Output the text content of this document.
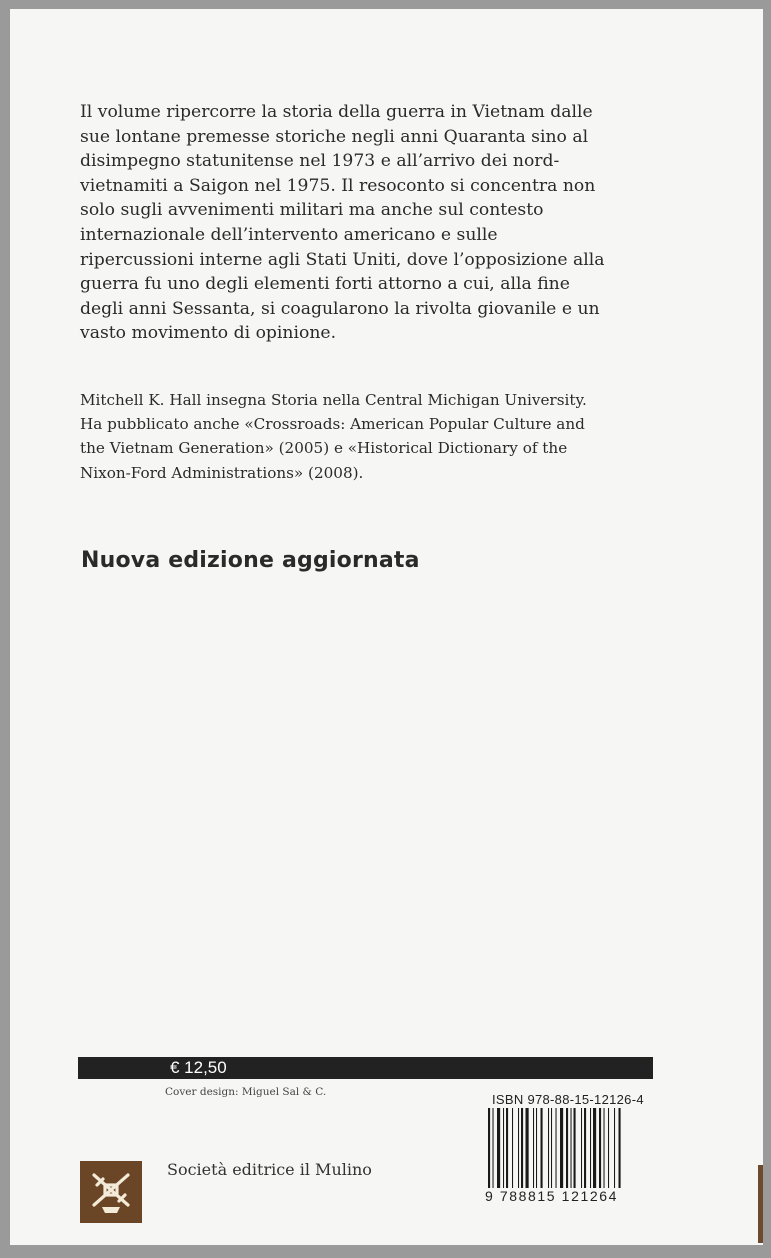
Il volume ripercorre la storia della guerra in Vietnam dalle

sue lontane premesse storiche negli anni Quaranta sino al

disimpegno statunitense nel 1973 e all’arrivo dei nord-

vietnamiti a Saigon nel 1975. Il resoconto si concentra non

solo sugli avvenimenti militari ma anche sul contesto

internazionale dell’intervento americano e sulle

ripercussioni interne agli Stati Uniti, dove l’opposizione alla

guerra fu uno degli elementi forti attorno a cui, alla fine

degli anni Sessanta, si coagularono la rivolta giovanile e un

vasto movimento di opinione.

Mitchell K. Hall insegna Storia nella Central Michigan University.

Ha pubblicato anche «Crossroads: American Popular Culture and

the Vietnam Generation» (2005) e «Historical Dictionary of the

Nixon-Ford Administrations» (2008).

Nuova edizione aggiornata
€ 12,50
Cover design: Miguel Sal & C.	ISBN 978-88-15-12126-4
9 788815 121264
Società editrice il Mulino
